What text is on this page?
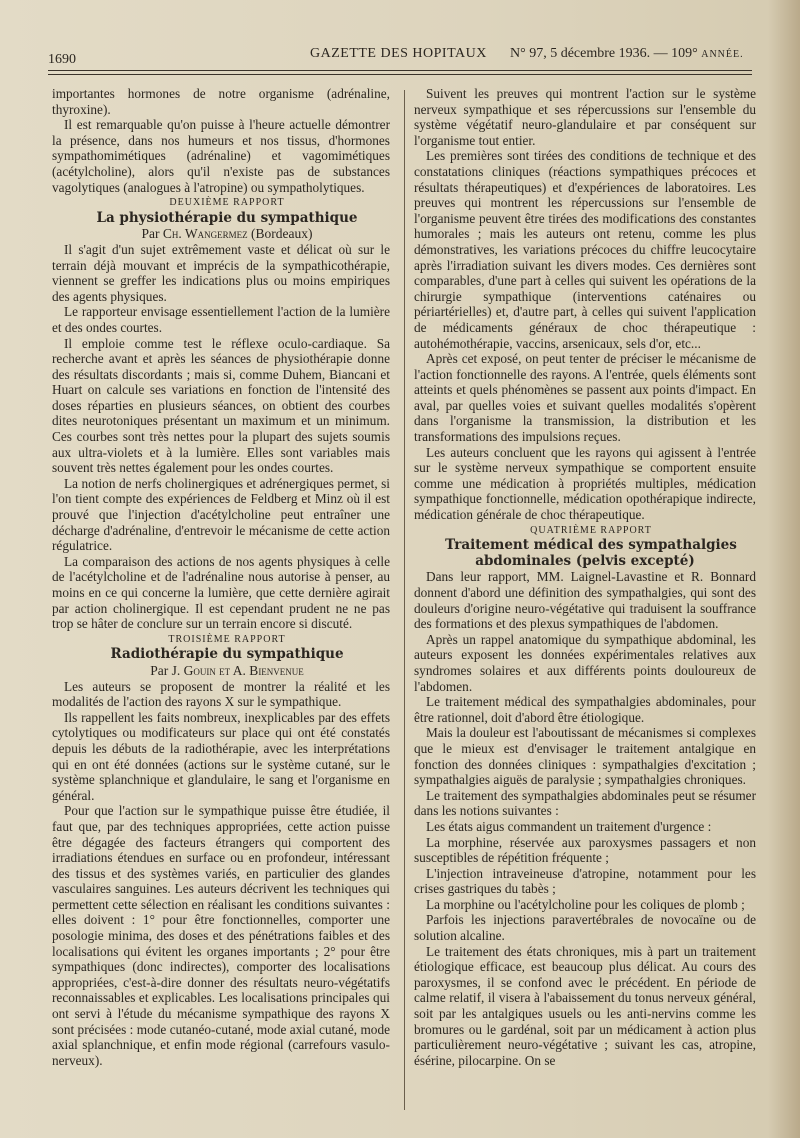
1690	GAZETTE DES HOPITAUX N° 97, 5 décembre 1936. — 109° ANNÉE.

importantes hormones de notre organisme (adrénaline, thyroxine).

Il est remarquable qu'on puisse à l'heure actuelle démontrer la présence, dans nos humeurs et nos tissus, d'hormones sympathomimétiques (adrénaline) et vagomimétiques (acétylcholine), alors qu'il n'existe pas de substances vagolytiques (analogues à l'atropine) ou sympatholytiques.

DEUXIÈME RAPPORT

La physiothérapie du sympathique

Par Ch. Wangermez (Bordeaux)

Il s'agit d'un sujet extrêmement vaste et délicat où sur le terrain déjà mouvant et imprécis de la sympathicothérapie, viennent se greffer les indications plus ou moins empiriques des agents physiques.

Le rapporteur envisage essentiellement l'action de la lumière et des ondes courtes.

Il emploie comme test le réflexe oculo-cardiaque. Sa recherche avant et après les séances de physiothérapie donne des résultats discordants ; mais si, comme Duhem, Biancani et Huart on calcule ses variations en fonction de l'intensité des doses réparties en plusieurs séances, on obtient des courbes dites neurotoniques présentant un maximum et un minimum. Ces courbes sont très nettes pour la plupart des sujets soumis aux ultra-violets et à la lumière. Elles sont variables mais souvent très nettes également pour les ondes courtes.

La notion de nerfs cholinergiques et adrénergiques permet, si l'on tient compte des expériences de Feldberg et Minz où il est prouvé que l'injection d'acétylcholine peut entraîner une décharge d'adrénaline, d'entrevoir le mécanisme de cette action régulatrice.

La comparaison des actions de nos agents physiques à celle de l'acétylcholine et de l'adrénaline nous autorise à penser, au moins en ce qui concerne la lumière, que cette dernière agirait par action cholinergique. Il est cependant prudent ne ne pas trop se hâter de conclure sur un terrain encore si discuté.

TROISIÈME RAPPORT

Radiothérapie du sympathique

Par J. Gouin et A. Bienvenue

Les auteurs se proposent de montrer la réalité et les modalités de l'action des rayons X sur le sympathique.

Ils rappellent les faits nombreux, inexplicables par des effets cytolytiques ou modificateurs sur place qui ont été constatés depuis les débuts de la radiothérapie, avec les interprétations qui en ont été données (actions sur le système cutané, sur le système splanchnique et glandulaire, le sang et l'organisme en général.

Pour que l'action sur le sympathique puisse être étudiée, il faut que, par des techniques appropriées, cette action puisse être dégagée des facteurs étrangers qui comportent des irradiations étendues en surface ou en profondeur, intéressant des tissus et des systèmes variés, en particulier des glandes vasculaires sanguines. Les auteurs décrivent les techniques qui permettent cette sélection en réalisant les conditions suivantes : elles doivent : 1° pour être fonctionnelles, comporter une posologie minima, des doses et des pénétrations faibles et des localisations qui évitent les organes importants ; 2° pour être sympathiques (donc indirectes), comporter des localisations appropriées, c'est-à-dire donner des résultats neuro-végétatifs reconnaissables et explicables. Les localisations principales qui ont servi à l'étude du mécanisme sympathique des rayons X sont précisées : mode cutanéo-cutané, mode axial cutané, mode axial splanchnique, et enfin mode régional (carrefours vasulo-nerveux).

Suivent les preuves qui montrent l'action sur le système nerveux sympathique et ses répercussions sur l'ensemble du système végétatif neuro-glandulaire et par conséquent sur l'organisme tout entier.

Les premières sont tirées des conditions de technique et des constatations cliniques (réactions sympathiques précoces et résultats thérapeutiques) et d'expériences de laboratoires. Les preuves qui montrent les répercussions sur l'ensemble de l'organisme peuvent être tirées des modifications des constantes humorales ; mais les auteurs ont retenu, comme les plus démonstratives, les variations précoces du chiffre leucocytaire après l'irradiation suivant les divers modes. Ces dernières sont comparables, d'une part à celles qui suivent les opérations de la chirurgie sympathique (interventions caténaires ou périartérielles) et, d'autre part, à celles qui suivent l'application de médicaments généraux de choc thérapeutique : autohémothérapie, vaccins, arsenicaux, sels d'or, etc...

Après cet exposé, on peut tenter de préciser le mécanisme de l'action fonctionnelle des rayons. A l'entrée, quels éléments sont atteints et quels phénomènes se passent aux points d'impact. En aval, par quelles voies et suivant quelles modalités s'opèrent dans l'organisme la transmission, la distribution et les transformations des impulsions reçues.

Les auteurs concluent que les rayons qui agissent à l'entrée sur le système nerveux sympathique se comportent ensuite comme une médication à propriétés multiples, médication sympathique fonctionnelle, médication opothérapique indirecte, médication générale de choc thérapeutique.

QUATRIÈME RAPPORT

Traitement médical des sympathalgies abdominales (pelvis excepté)

Dans leur rapport, MM. Laignel-Lavastine et R. Bonnard donnent d'abord une définition des sympathalgies, qui sont des douleurs d'origine neuro-végétative qui traduisent la souffrance des formations et des plexus sympathiques de l'abdomen.

Après un rappel anatomique du sympathique abdominal, les auteurs exposent les données expérimentales relatives aux syndromes solaires et aux différents points douloureux de l'abdomen.

Le traitement médical des sympathalgies abdominales, pour être rationnel, doit d'abord être étiologique.

Mais la douleur est l'aboutissant de mécanismes si complexes que le mieux est d'envisager le traitement antalgique en fonction des données cliniques : sympathalgies d'excitation ; sympathalgies aiguës de paralysie ; sympathalgies chroniques.

Le traitement des sympathalgies abdominales peut se résumer dans les notions suivantes :

Les états aigus commandent un traitement d'urgence :

La morphine, réservée aux paroxysmes passagers et non susceptibles de répétition fréquente ;

L'injection intraveineuse d'atropine, notamment pour les crises gastriques du tabès ;

La morphine ou l'acétylcholine pour les coliques de plomb ;

Parfois les injections paravertébrales de novocaïne ou de solution alcaline.

Le traitement des états chroniques, mis à part un traitement étiologique efficace, est beaucoup plus délicat. Au cours des paroxysmes, il se confond avec le précédent. En période de calme relatif, il visera à l'abaissement du tonus nerveux général, soit par les antalgiques usuels ou les anti-nervins comme les bromures ou le gardénal, soit par un médicament à action plus particulièrement neuro-végétative ; suivant les cas, atropine, ésérine, pilocarpine. On se
